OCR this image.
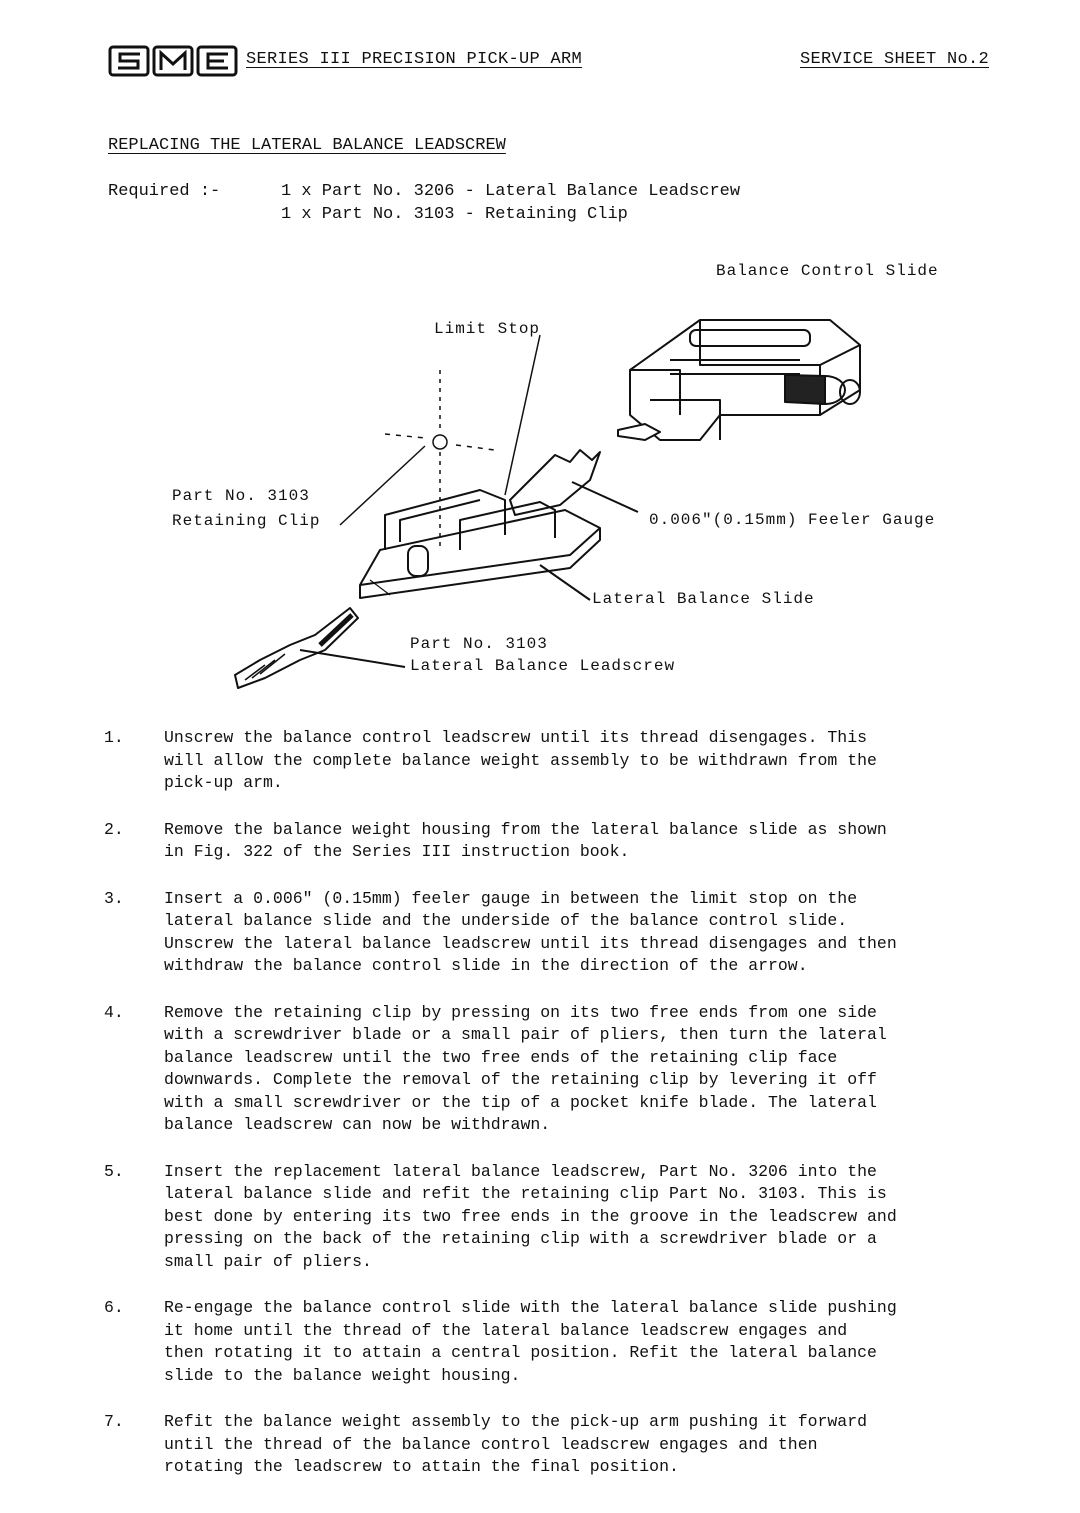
SERIES III PRECISION PICK-UP ARM	SERVICE SHEET No.2
REPLACING THE LATERAL BALANCE LEADSCREW
Required :-	1 x Part No. 3206 - Lateral Balance Leadscrew
1 x Part No. 3103 - Retaining Clip
Balance Control Slide
Limit Stop
Part No. 3103
Retaining Clip	0.006"(0.15mm) Feeler Gauge
Lateral Balance Slide
Part No. 3103
Lateral Balance Leadscrew
1. Unscrew the balance control leadscrew until its thread disengages. This
will allow the complete balance weight assembly to be withdrawn from the
pick-up arm.
2. Remove the balance weight housing from the lateral balance slide as shown
in Fig. 322 of the Series III instruction book.
3. Insert a 0.006" (0.15mm) feeler gauge in between the limit stop on the
lateral balance slide and the underside of the balance control slide.
Unscrew the lateral balance leadscrew until its thread disengages and then
withdraw the balance control slide in the direction of the arrow.
4. Remove the retaining clip by pressing on its two free ends from one side
with a screwdriver blade or a small pair of pliers, then turn the lateral
balance leadscrew until the two free ends of the retaining clip face
downwards. Complete the removal of the retaining clip by levering it off
with a small screwdriver or the tip of a pocket knife blade. The lateral
balance leadscrew can now be withdrawn.
5. Insert the replacement lateral balance leadscrew, Part No. 3206 into the
lateral balance slide and refit the retaining clip Part No. 3103. This is
best done by entering its two free ends in the groove in the leadscrew and
pressing on the back of the retaining clip with a screwdriver blade or a
small pair of pliers.
6. Re-engage the balance control slide with the lateral balance slide pushing
it home until the thread of the lateral balance leadscrew engages and
then rotating it to attain a central position. Refit the lateral balance
slide to the balance weight housing.
7. Refit the balance weight assembly to the pick-up arm pushing it forward
until the thread of the balance control leadscrew engages and then
rotating the leadscrew to attain the final position.
